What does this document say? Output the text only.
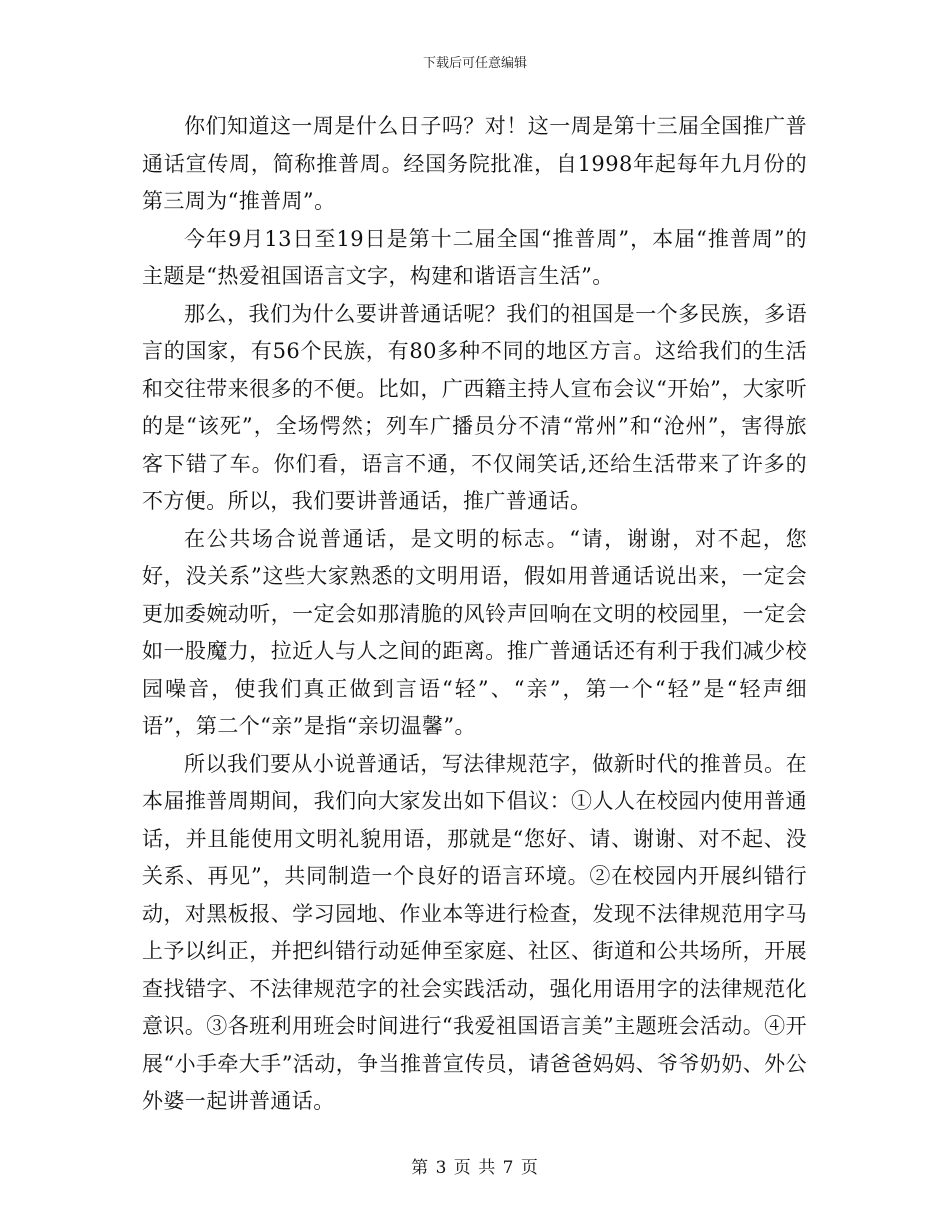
下载后可任意编辑

你们知道这一周是什么日子吗？对！这一周是第十三届全国推广普通话宣传周，简称推普周。经国务院批准，自1998年起每年九月份的第三周为“推普周”。

今年9月13日至19日是第十二届全国“推普周”，本届“推普周”的主题是“热爱祖国语言文字，构建和谐语言生活”。

那么，我们为什么要讲普通话呢？我们的祖国是一个多民族，多语言的国家，有56个民族，有80多种不同的地区方言。这给我们的生活和交往带来很多的不便。比如，广西籍主持人宣布会议“开始”，大家听的是“该死”，全场愕然；列车广播员分不清“常州”和“沧州”，害得旅客下错了车。你们看，语言不通，不仅闹笑话,还给生活带来了许多的不方便。所以，我们要讲普通话，推广普通话。

在公共场合说普通话，是文明的标志。“请，谢谢，对不起，您好，没关系”这些大家熟悉的文明用语，假如用普通话说出来，一定会更加委婉动听，一定会如那清脆的风铃声回响在文明的校园里，一定会如一股魔力，拉近人与人之间的距离。推广普通话还有利于我们减少校园噪音，使我们真正做到言语“轻”、“亲”，第一个“轻”是“轻声细语”，第二个“亲”是指“亲切温馨”。

所以我们要从小说普通话，写法律规范字，做新时代的推普员。在本届推普周期间，我们向大家发出如下倡议：①人人在校园内使用普通话，并且能使用文明礼貌用语，那就是“您好、请、谢谢、对不起、没关系、再见”，共同制造一个良好的语言环境。②在校园内开展纠错行动，对黑板报、学习园地、作业本等进行检查，发现不法律规范用字马上予以纠正，并把纠错行动延伸至家庭、社区、街道和公共场所，开展查找错字、不法律规范字的社会实践活动，强化用语用字的法律规范化意识。③各班利用班会时间进行“我爱祖国语言美”主题班会活动。④开展“小手牵大手”活动，争当推普宣传员，请爸爸妈妈、爷爷奶奶、外公外婆一起讲普通话。

第 3 页 共 7 页
